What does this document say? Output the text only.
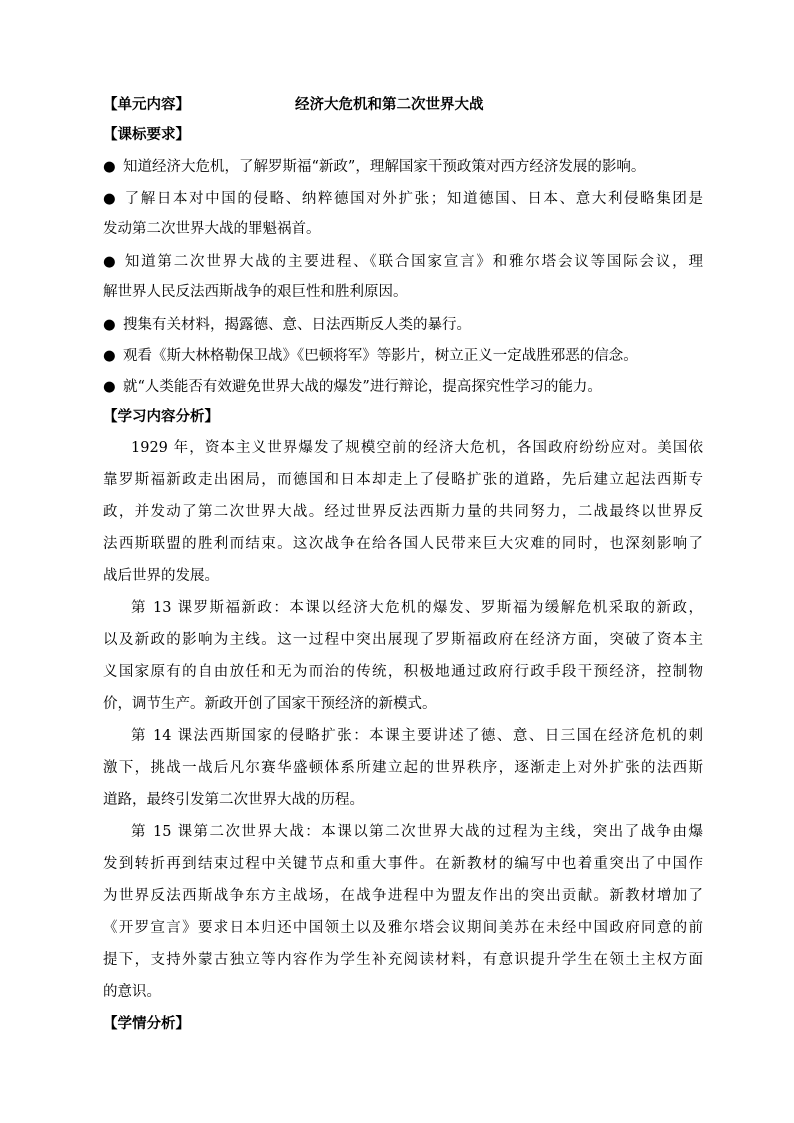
【单元内容】	经济大危机和第二次世界大战
【课标要求】
● 知道经济大危机，了解罗斯福“新政”，理解国家干预政策对西方经济发展的影响。
● 了解日本对中国的侵略、纳粹德国对外扩张；知道德国、日本、意大利侵略集团是
发动第二次世界大战的罪魁祸首。
● 知道第二次世界大战的主要进程、《联合国家宣言》和雅尔塔会议等国际会议，理
解世界人民反法西斯战争的艰巨性和胜利原因。
● 搜集有关材料，揭露德、意、日法西斯反人类的暴行。
● 观看《斯大林格勒保卫战》《巴顿将军》等影片，树立正义一定战胜邪恶的信念。
● 就“人类能否有效避免世界大战的爆发”进行辩论，提高探究性学习的能力。
【学习内容分析】
1929 年，资本主义世界爆发了规模空前的经济大危机，各国政府纷纷应对。美国依
靠罗斯福新政走出困局，而德国和日本却走上了侵略扩张的道路，先后建立起法西斯专
政，并发动了第二次世界大战。经过世界反法西斯力量的共同努力，二战最终以世界反
法西斯联盟的胜利而结束。这次战争在给各国人民带来巨大灾难的同时，也深刻影响了
战后世界的发展。
第 13 课罗斯福新政：本课以经济大危机的爆发、罗斯福为缓解危机采取的新政，
以及新政的影响为主线。这一过程中突出展现了罗斯福政府在经济方面，突破了资本主
义国家原有的自由放任和无为而治的传统，积极地通过政府行政手段干预经济，控制物
价，调节生产。新政开创了国家干预经济的新模式。
第 14 课法西斯国家的侵略扩张：本课主要讲述了德、意、日三国在经济危机的刺
激下，挑战一战后凡尔赛华盛顿体系所建立起的世界秩序，逐渐走上对外扩张的法西斯
道路，最终引发第二次世界大战的历程。
第 15 课第二次世界大战：本课以第二次世界大战的过程为主线，突出了战争由爆
发到转折再到结束过程中关键节点和重大事件。在新教材的编写中也着重突出了中国作
为世界反法西斯战争东方主战场，在战争进程中为盟友作出的突出贡献。新教材增加了
《开罗宣言》要求日本归还中国领土以及雅尔塔会议期间美苏在未经中国政府同意的前
提下，支持外蒙古独立等内容作为学生补充阅读材料，有意识提升学生在领土主权方面
的意识。
【学情分析】
